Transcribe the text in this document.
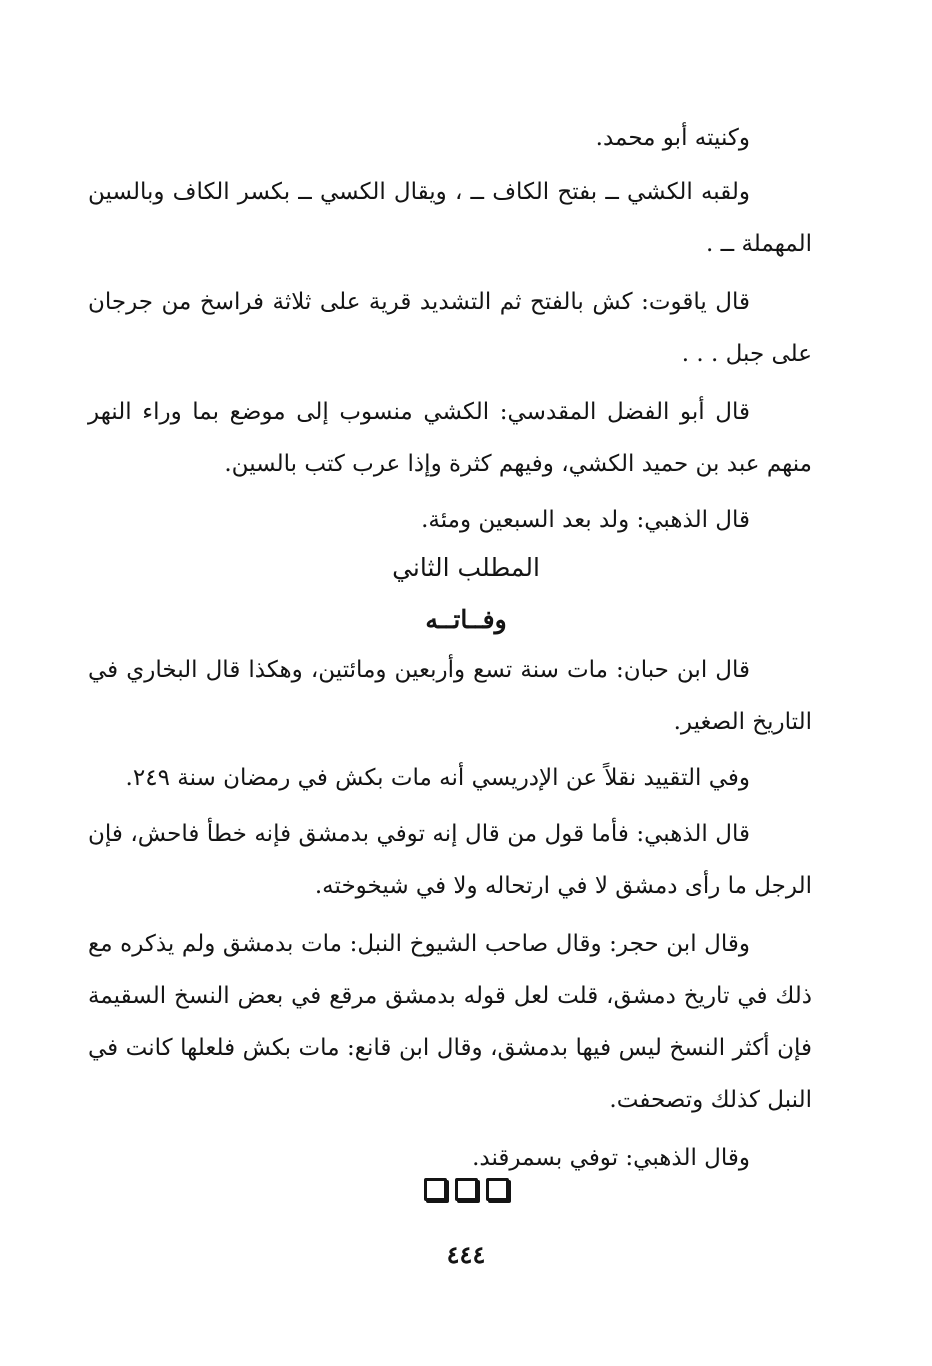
وكنيته أبو محمد.

ولقبه الكشي ــ بفتح الكاف ــ ، ويقال الكسي ــ بكسر الكاف وبالسين المهملة ــ .

قال ياقوت: كش بالفتح ثم التشديد قرية على ثلاثة فراسخ من جرجان على جبل . . .

قال أبو الفضل المقدسي: الكشي منسوب إلى موضع بما وراء النهر منهم عبد بن حميد الكشي، وفيهم كثرة وإذا عرب كتب بالسين.

قال الذهبي: ولد بعد السبعين ومئة.

المطلب الثاني
وفــاتــه

قال ابن حبان: مات سنة تسع وأربعين ومائتين، وهكذا قال البخاري في التاريخ الصغير.

وفي التقييد نقلاً عن الإدريسي أنه مات بكش في رمضان سنة ٢٤٩.

قال الذهبي: فأما قول من قال إنه توفي بدمشق فإنه خطأ فاحش، فإن الرجل ما رأى دمشق لا في ارتحاله ولا في شيخوخته.

وقال ابن حجر: وقال صاحب الشيوخ النبل: مات بدمشق ولم يذكره مع ذلك في تاريخ دمشق، قلت لعل قوله بدمشق مرقع في بعض النسخ السقيمة فإن أكثر النسخ ليس فيها بدمشق، وقال ابن قانع: مات بكش فلعلها كانت في النبل كذلك وتصحفت.

وقال الذهبي: توفي بسمرقند.

٤٤٤
